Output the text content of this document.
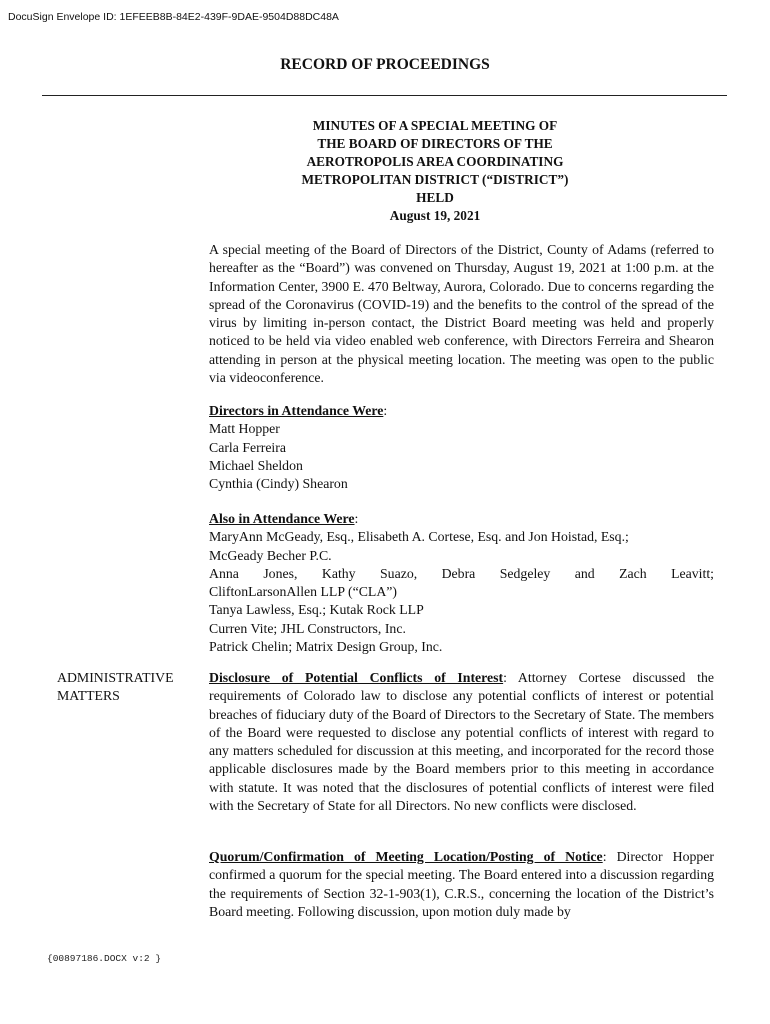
DocuSign Envelope ID: 1EFEEB8B-84E2-439F-9DAE-9504D88DC48A
RECORD OF PROCEEDINGS
MINUTES OF A SPECIAL MEETING OF
THE BOARD OF DIRECTORS OF THE
AEROTROPOLIS AREA COORDINATING
METROPOLITAN DISTRICT (“DISTRICT”)
HELD
August 19, 2021
A special meeting of the Board of Directors of the District, County of Adams (referred to hereafter as the “Board”) was convened on Thursday, August 19, 2021 at 1:00 p.m. at the Information Center, 3900 E. 470 Beltway, Aurora, Colorado. Due to concerns regarding the spread of the Coronavirus (COVID-19) and the benefits to the control of the spread of the virus by limiting in-person contact, the District Board meeting was held and properly noticed to be held via video enabled web conference, with Directors Ferreira and Shearon attending in person at the physical meeting location. The meeting was open to the public via videoconference.
Directors in Attendance Were:
Matt Hopper
Carla Ferreira
Michael Sheldon
Cynthia (Cindy) Shearon
Also in Attendance Were:
MaryAnn McGeady, Esq., Elisabeth A. Cortese, Esq. and Jon Hoistad, Esq.;
McGeady Becher P.C.
Anna Jones, Kathy Suazo, Debra Sedgeley and Zach Leavitt;
CliftonLarsonAllen LLP (“CLA”)
Tanya Lawless, Esq.; Kutak Rock LLP
Curren Vite; JHL Constructors, Inc.
Patrick Chelin; Matrix Design Group, Inc.
ADMINISTRATIVE
MATTERS
Disclosure of Potential Conflicts of Interest: Attorney Cortese discussed the requirements of Colorado law to disclose any potential conflicts of interest or potential breaches of fiduciary duty of the Board of Directors to the Secretary of State. The members of the Board were requested to disclose any potential conflicts of interest with regard to any matters scheduled for discussion at this meeting, and incorporated for the record those applicable disclosures made by the Board members prior to this meeting in accordance with statute. It was noted that the disclosures of potential conflicts of interest were filed with the Secretary of State for all Directors. No new conflicts were disclosed.
Quorum/Confirmation of Meeting Location/Posting of Notice: Director Hopper confirmed a quorum for the special meeting. The Board entered into a discussion regarding the requirements of Section 32-1-903(1), C.R.S., concerning the location of the District’s Board meeting. Following discussion, upon motion duly made by
{00897186.DOCX v:2 }
